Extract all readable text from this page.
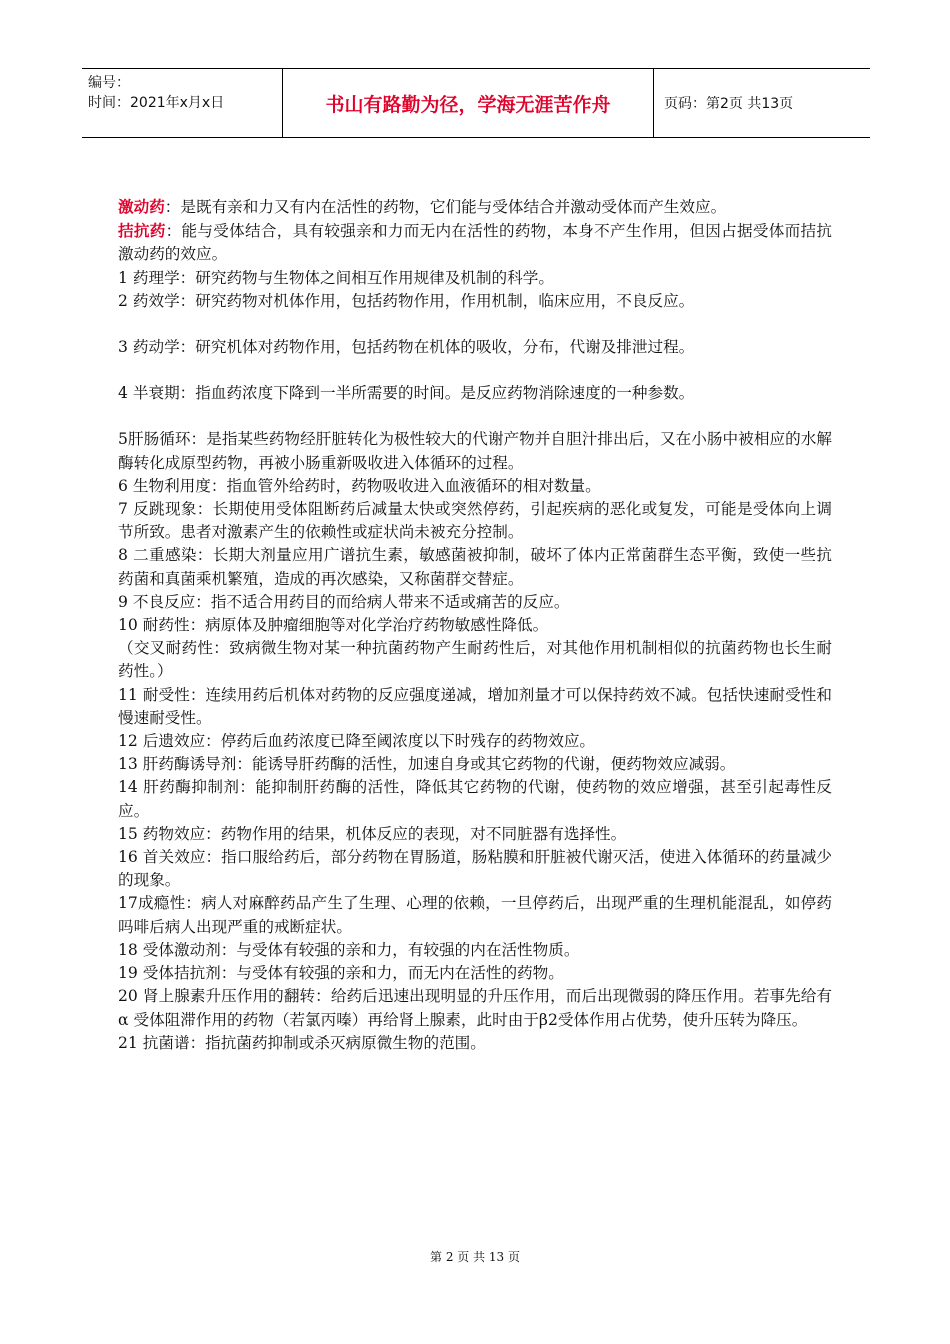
编号：
时间：2021年x月x日	书山有路勤为径，学海无涯苦作舟	页码：第2页 共13页

激动药：是既有亲和力又有内在活性的药物，它们能与受体结合并激动受体而产生效应。

拮抗药：能与受体结合，具有较强亲和力而无内在活性的药物，本身不产生作用，但因占据受体而拮抗激动药的效应。

1 药理学：研究药物与生物体之间相互作用规律及机制的科学。

2 药效学：研究药物对机体作用，包括药物作用，作用机制，临床应用，不良反应。

3 药动学：研究机体对药物作用，包括药物在机体的吸收，分布，代谢及排泄过程。

4 半衰期：指血药浓度下降到一半所需要的时间。是反应药物消除速度的一种参数。

5肝肠循环：是指某些药物经肝脏转化为极性较大的代谢产物并自胆汁排出后，又在小肠中被相应的水解酶转化成原型药物，再被小肠重新吸收进入体循环的过程。

6 生物利用度：指血管外给药时，药物吸收进入血液循环的相对数量。

7 反跳现象：长期使用受体阻断药后减量太快或突然停药，引起疾病的恶化或复发，可能是受体向上调节所致。患者对激素产生的依赖性或症状尚未被充分控制。

8 二重感染：长期大剂量应用广谱抗生素，敏感菌被抑制，破坏了体内正常菌群生态平衡，致使一些抗药菌和真菌乘机繁殖，造成的再次感染，又称菌群交替症。

9 不良反应：指不适合用药目的而给病人带来不适或痛苦的反应。

10 耐药性：病原体及肿瘤细胞等对化学治疗药物敏感性降低。

（交叉耐药性：致病微生物对某一种抗菌药物产生耐药性后，对其他作用机制相似的抗菌药物也长生耐药性。）

11 耐受性：连续用药后机体对药物的反应强度递减，增加剂量才可以保持药效不减。包括快速耐受性和慢速耐受性。

12 后遗效应：停药后血药浓度已降至阈浓度以下时残存的药物效应。

13 肝药酶诱导剂：能诱导肝药酶的活性，加速自身或其它药物的代谢，便药物效应减弱。

14 肝药酶抑制剂：能抑制肝药酶的活性，降低其它药物的代谢，使药物的效应增强，甚至引起毒性反应。

15 药物效应：药物作用的结果，机体反应的表现，对不同脏器有选择性。

16 首关效应：指口服给药后，部分药物在胃肠道，肠粘膜和肝脏被代谢灭活，使进入体循环的药量减少的现象。

17成瘾性：病人对麻醉药品产生了生理、心理的依赖，一旦停药后，出现严重的生理机能混乱，如停药吗啡后病人出现严重的戒断症状。

18 受体激动剂：与受体有较强的亲和力，有较强的内在活性物质。

19 受体拮抗剂：与受体有较强的亲和力，而无内在活性的药物。

20 肾上腺素升压作用的翻转：给药后迅速出现明显的升压作用，而后出现微弱的降压作用。若事先给有 α 受体阻滞作用的药物（若氯丙嗪）再给肾上腺素，此时由于β2受体作用占优势，使升压转为降压。

21 抗菌谱：指抗菌药抑制或杀灭病原微生物的范围。

第 2 页 共 13 页
